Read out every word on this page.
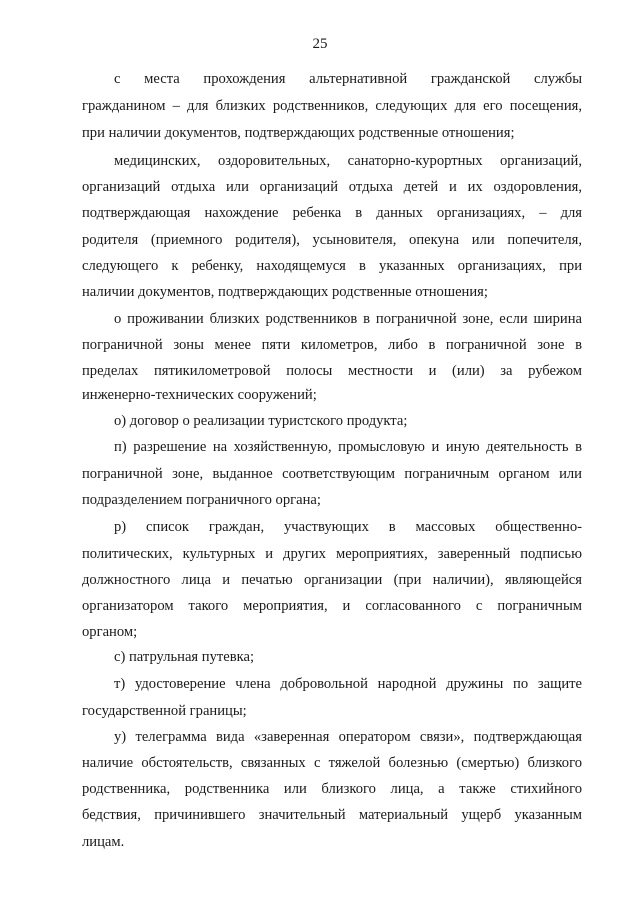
25
с места прохождения альтернативной гражданской службы
гражданином – для близких родственников, следующих для его посещения,
при наличии документов, подтверждающих родственные отношения;
медицинских, оздоровительных, санаторно-курортных организаций,
организаций отдыха или организаций отдыха детей и их оздоровления,
подтверждающая нахождение ребенка в данных организациях, – для
родителя (приемного родителя), усыновителя, опекуна или попечителя,
следующего к ребенку, находящемуся в указанных организациях, при
наличии документов, подтверждающих родственные отношения;
о проживании близких родственников в пограничной зоне, если ширина
пограничной зоны менее пяти километров, либо в пограничной зоне в
пределах пятикилометровой полосы местности и (или) за рубежом
инженерно-технических сооружений;
о) договор о реализации туристского продукта;
п) разрешение на хозяйственную, промысловую и иную деятельность в
пограничной зоне, выданное соответствующим пограничным органом или
подразделением пограничного органа;
р) список граждан, участвующих в массовых общественно-
политических, культурных и других мероприятиях, заверенный подписью
должностного лица и печатью организации (при наличии), являющейся
организатором такого мероприятия, и согласованного с пограничным
органом;
с) патрульная путевка;
т) удостоверение члена добровольной народной дружины по защите
государственной границы;
у) телеграмма вида «заверенная оператором связи», подтверждающая
наличие обстоятельств, связанных с тяжелой болезнью (смертью) близкого
родственника, родственника или близкого лица, а также стихийного
бедствия, причинившего значительный материальный ущерб указанным
лицам.
